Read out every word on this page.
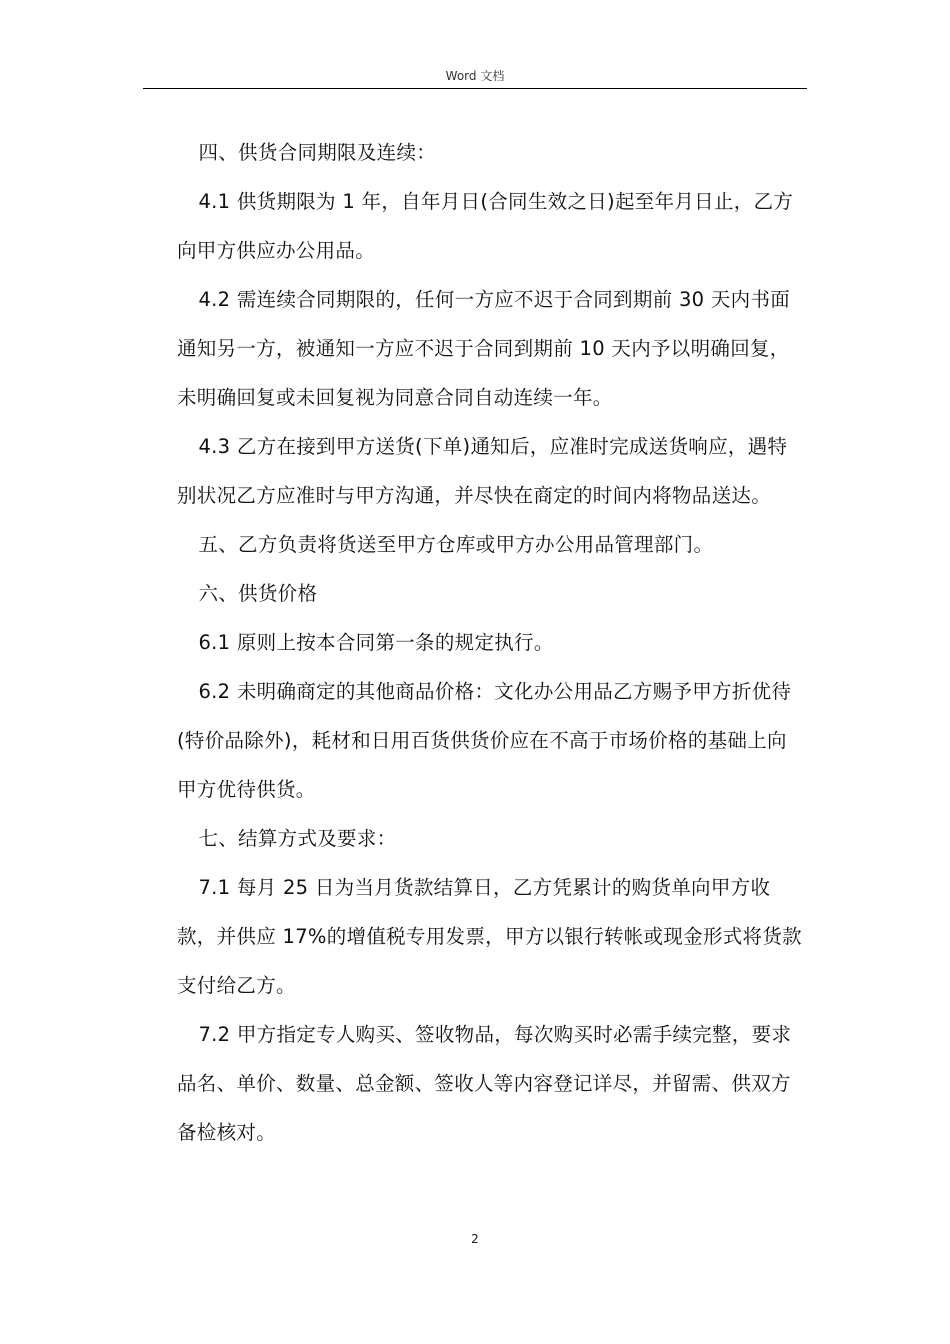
Word 文档

四、供货合同期限及连续：

4.1 供货期限为 1 年，自年月日(合同生效之日)起至年月日止，乙方向甲方供应办公用品。

4.2 需连续合同期限的，任何一方应不迟于合同到期前 30 天内书面通知另一方，被通知一方应不迟于合同到期前 10 天内予以明确回复，未明确回复或未回复视为同意合同自动连续一年。

4.3 乙方在接到甲方送货(下单)通知后，应准时完成送货响应，遇特别状况乙方应准时与甲方沟通，并尽快在商定的时间内将物品送达。

五、乙方负责将货送至甲方仓库或甲方办公用品管理部门。

六、供货价格

6.1 原则上按本合同第一条的规定执行。

6.2 未明确商定的其他商品价格：文化办公用品乙方赐予甲方折优待(特价品除外)，耗材和日用百货供货价应在不高于市场价格的基础上向甲方优待供货。

七、结算方式及要求：

7.1 每月 25 日为当月货款结算日，乙方凭累计的购货单向甲方收款，并供应 17%的增值税专用发票，甲方以银行转帐或现金形式将货款支付给乙方。

7.2 甲方指定专人购买、签收物品，每次购买时必需手续完整，要求品名、单价、数量、总金额、签收人等内容登记详尽，并留需、供双方备检核对。

2
